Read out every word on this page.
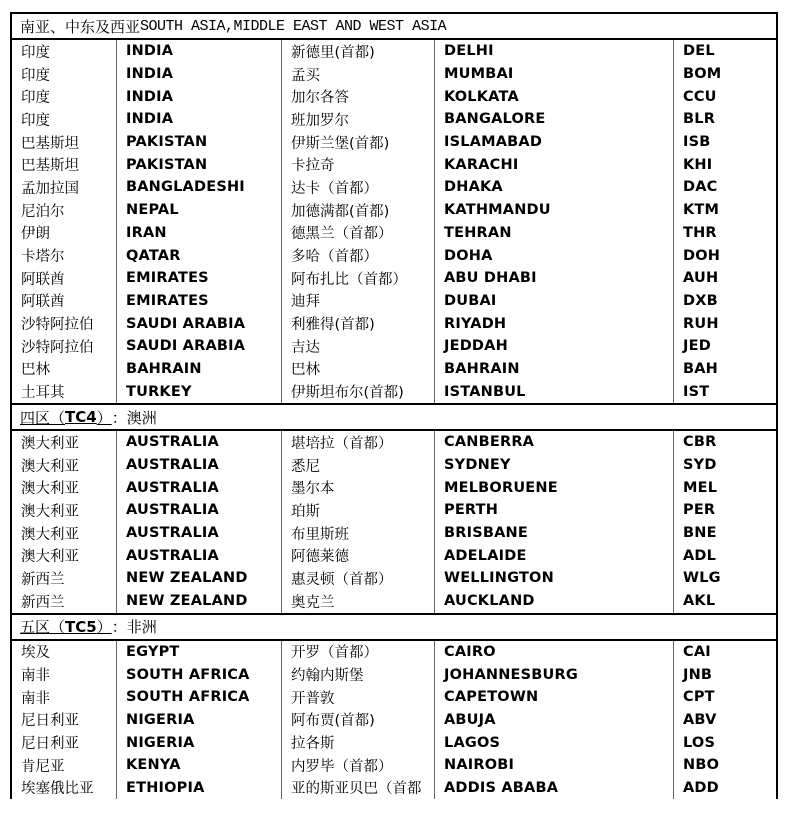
南亚、中东及西亚 SOUTH ASIA,MIDDLE EAST AND WEST ASIA
印度	INDIA	新德里(首都)	DELHI	DEL
印度	INDIA	孟买	MUMBAI	BOM
印度	INDIA	加尔各答	KOLKATA	CCU
印度	INDIA	班加罗尔	BANGALORE	BLR
巴基斯坦	PAKISTAN	伊斯兰堡(首都)	ISLAMABAD	ISB
巴基斯坦	PAKISTAN	卡拉奇	KARACHI	KHI
孟加拉国	BANGLADESHI	达卡（首都）	DHAKA	DAC
尼泊尔	NEPAL	加德满都(首都)	KATHMANDU	KTM
伊朗	IRAN	德黑兰（首都）	TEHRAN	THR
卡塔尔	QATAR	多哈（首都）	DOHA	DOH
阿联酋	EMIRATES	阿布扎比（首都）	ABU DHABI	AUH
阿联酋	EMIRATES	迪拜	DUBAI	DXB
沙特阿拉伯	SAUDI ARABIA	利雅得(首都)	RIYADH	RUH
沙特阿拉伯	SAUDI ARABIA	吉达	JEDDAH	JED
巴林	BAHRAIN	巴林	BAHRAIN	BAH
土耳其	TURKEY	伊斯坦布尔(首都)	ISTANBUL	IST
四区（ TC4 ） ：澳洲
澳大利亚	AUSTRALIA	堪培拉（首都）	CANBERRA	CBR
澳大利亚	AUSTRALIA	悉尼	SYDNEY	SYD
澳大利亚	AUSTRALIA	墨尔本	MELBORUENE	MEL
澳大利亚	AUSTRALIA	珀斯	PERTH	PER
澳大利亚	AUSTRALIA	布里斯班	BRISBANE	BNE
澳大利亚	AUSTRALIA	阿德莱德	ADELAIDE	ADL
新西兰	NEW ZEALAND	惠灵顿（首都）	WELLINGTON	WLG
新西兰	NEW ZEALAND	奥克兰	AUCKLAND	AKL
五区（ TC5 ） ：非洲
埃及	EGYPT	开罗（首都）	CAIRO	CAI
南非	SOUTH AFRICA	约翰内斯堡	JOHANNESBURG	JNB
南非	SOUTH AFRICA	开普敦	CAPETOWN	CPT
尼日利亚	NIGERIA	阿布贾(首都)	ABUJA	ABV
尼日利亚	NIGERIA	拉各斯	LAGOS	LOS
肯尼亚	KENYA	内罗毕（首都）	NAIROBI	NBO
埃塞俄比亚	ETHIOPIA	亚的斯亚贝巴（首都	ADDIS ABABA	ADD
